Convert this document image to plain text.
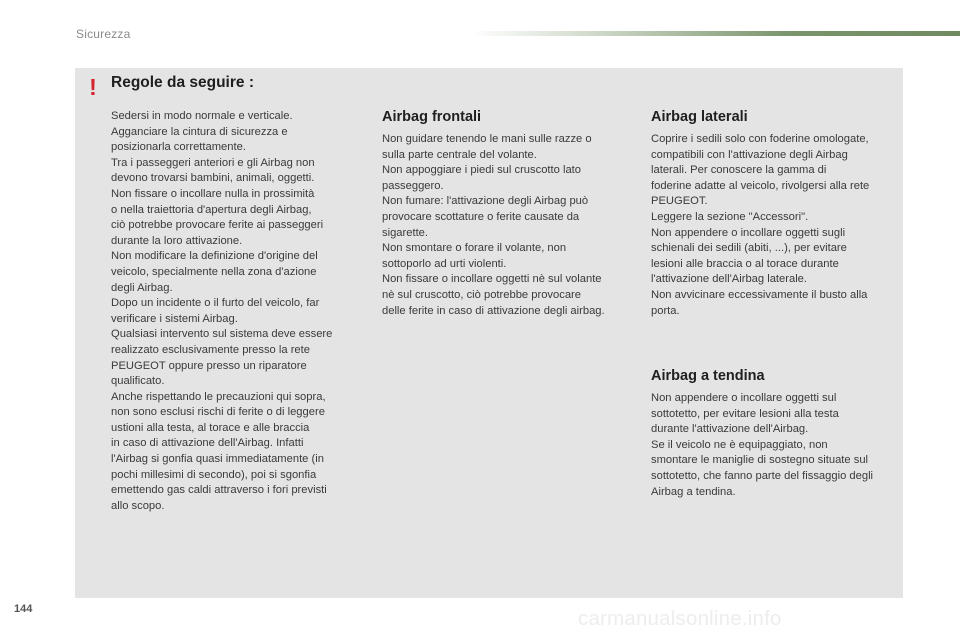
Sicurezza
! Regole da seguire :
Sedersi in modo normale e verticale.
Agganciare la cintura di sicurezza e
posizionarla correttamente.
Tra i passeggeri anteriori e gli Airbag non
devono trovarsi bambini, animali, oggetti.
Non fissare o incollare nulla in prossimità
o nella traiettoria d'apertura degli Airbag,
ciò potrebbe provocare ferite ai passeggeri
durante la loro attivazione.
Non modificare la definizione d'origine del
veicolo, specialmente nella zona d'azione
degli Airbag.
Dopo un incidente o il furto del veicolo, far
verificare i sistemi Airbag.
Qualsiasi intervento sul sistema deve essere
realizzato esclusivamente presso la rete
PEUGEOT oppure presso un riparatore
qualificato.
Anche rispettando le precauzioni qui sopra,
non sono esclusi rischi di ferite o di leggere
ustioni alla testa, al torace e alle braccia
in caso di attivazione dell'Airbag. Infatti
l'Airbag si gonfia quasi immediatamente (in
pochi millesimi di secondo), poi si sgonfia
emettendo gas caldi attraverso i fori previsti
allo scopo.
Airbag frontali
Non guidare tenendo le mani sulle razze o
sulla parte centrale del volante.
Non appoggiare i piedi sul cruscotto lato
passeggero.
Non fumare: l'attivazione degli Airbag può
provocare scottature o ferite causate da
sigarette.
Non smontare o forare il volante, non
sottoporlo ad urti violenti.
Non fissare o incollare oggetti nè sul volante
nè sul cruscotto, ciò potrebbe provocare
delle ferite in caso di attivazione degli airbag.
Airbag laterali
Coprire i sedili solo con foderine omologate,
compatibili con l'attivazione degli Airbag
laterali. Per conoscere la gamma di
foderine adatte al veicolo, rivolgersi alla rete
PEUGEOT.
Leggere la sezione "Accessori".
Non appendere o incollare oggetti sugli
schienali dei sedili (abiti, ...), per evitare
lesioni alle braccia o al torace durante
l'attivazione dell'Airbag laterale.
Non avvicinare eccessivamente il busto alla
porta.
Airbag a tendina
Non appendere o incollare oggetti sul
sottotetto, per evitare lesioni alla testa
durante l'attivazione dell'Airbag.
Se il veicolo ne è equipaggiato, non
smontare le maniglie di sostegno situate sul
sottotetto, che fanno parte del fissaggio degli
Airbag a tendina.
144	carmanualsonline.info
